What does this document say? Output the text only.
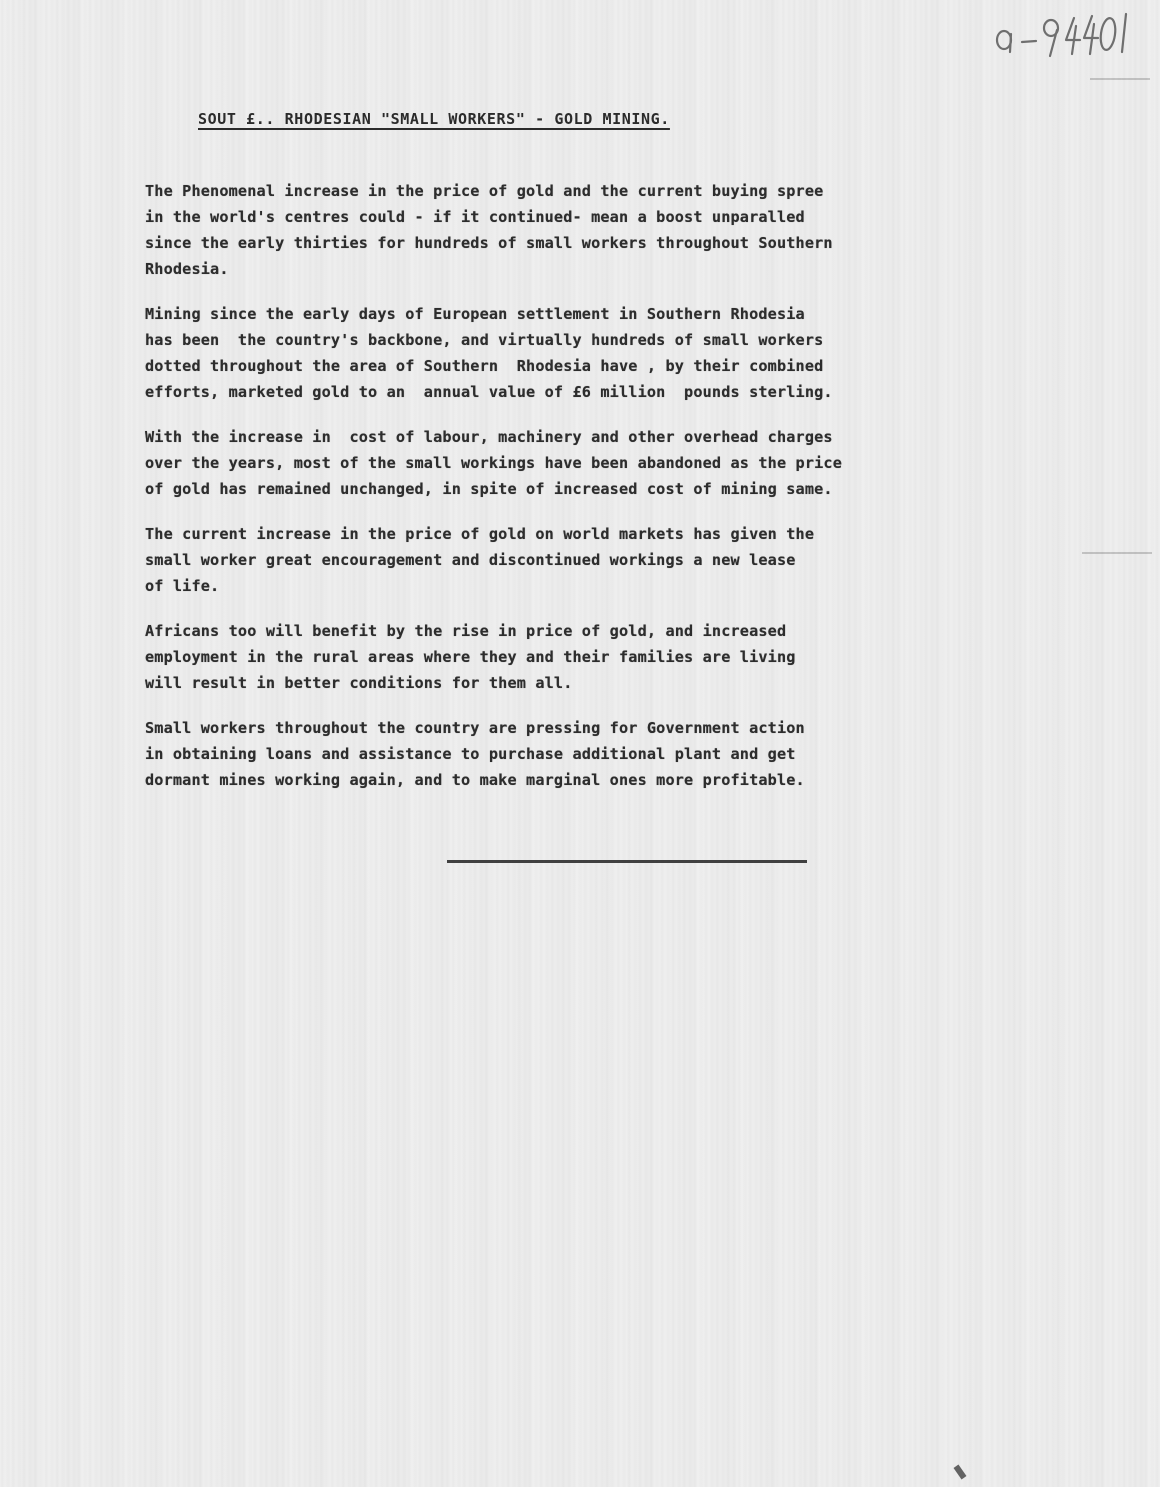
SOUT £.. RHODESIAN "SMALL WORKERS" - GOLD MINING.
The Phenomenal increase in the price of gold and the current buying spree
in the world's centres could - if it continued- mean a boost unparalled
since the early thirties for hundreds of small workers throughout Southern
Rhodesia.
Mining since the early days of European settlement in Southern Rhodesia
has been  the country's backbone, and virtually hundreds of small workers
dotted throughout the area of Southern  Rhodesia have , by their combined
efforts, marketed gold to an  annual value of £6 million  pounds sterling.
With the increase in  cost of labour, machinery and other overhead charges
over the years, most of the small workings have been abandoned as the price
of gold has remained unchanged, in spite of increased cost of mining same.
The current increase in the price of gold on world markets has given the
small worker great encouragement and discontinued workings a new lease
of life.
Africans too will benefit by the rise in price of gold, and increased
employment in the rural areas where they and their families are living
will result in better conditions for them all.
Small workers throughout the country are pressing for Government action
in obtaining loans and assistance to purchase additional plant and get
dormant mines working again, and to make marginal ones more profitable.
